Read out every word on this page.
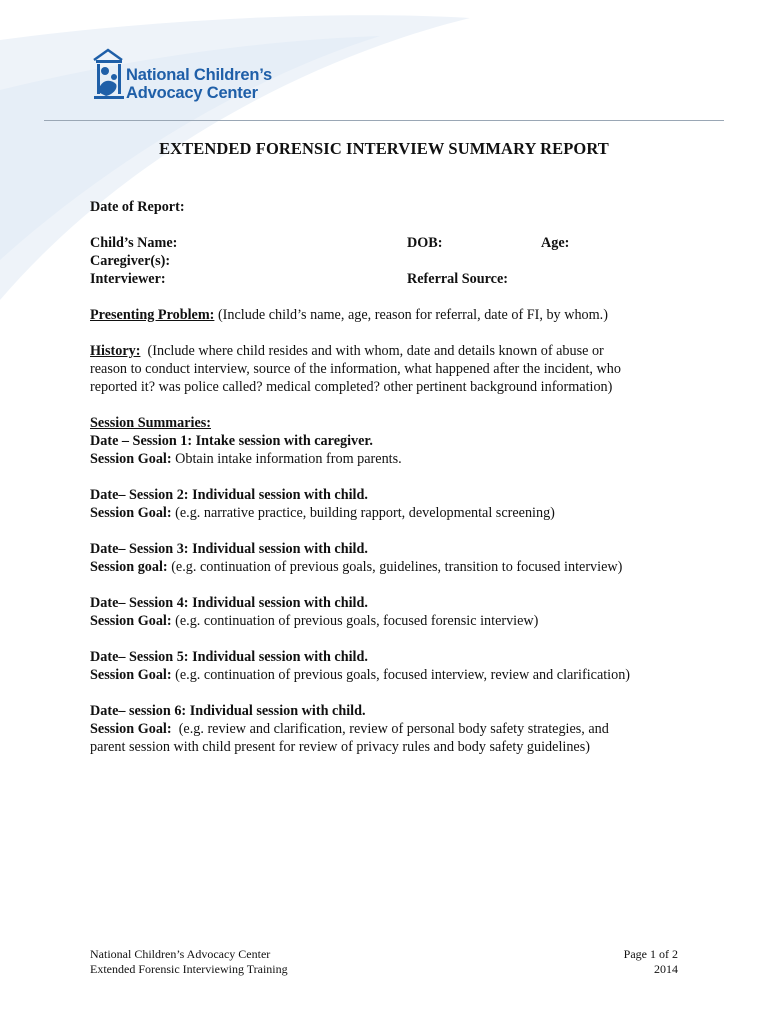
National Children’s
Advocacy Center
EXTENDED FORENSIC INTERVIEW SUMMARY REPORT
Date of Report:
Child’s Name:	DOB:	Age:
Caregiver(s):
Interviewer:	Referral Source:
Presenting Problem: (Include child’s name, age, reason for referral, date of FI, by whom.)
History:  (Include where child resides and with whom, date and details known of abuse or
reason to conduct interview, source of the information, what happened after the incident, who
reported it? was police called? medical completed? other pertinent background information)
Session Summaries:
Date – Session 1: Intake session with caregiver.
Session Goal: Obtain intake information from parents.
Date– Session 2: Individual session with child.
Session Goal: (e.g. narrative practice, building rapport, developmental screening)
Date– Session 3: Individual session with child.
Session goal: (e.g. continuation of previous goals, guidelines, transition to focused interview)
Date– Session 4: Individual session with child.
Session Goal: (e.g. continuation of previous goals, focused forensic interview)
Date– Session 5: Individual session with child.
Session Goal: (e.g. continuation of previous goals, focused interview, review and clarification)
Date– session 6: Individual session with child.
Session Goal:  (e.g. review and clarification, review of personal body safety strategies, and
parent session with child present for review of privacy rules and body safety guidelines)
National Children’s Advocacy Center
Extended Forensic Interviewing Training
Page 1 of 2
2014
